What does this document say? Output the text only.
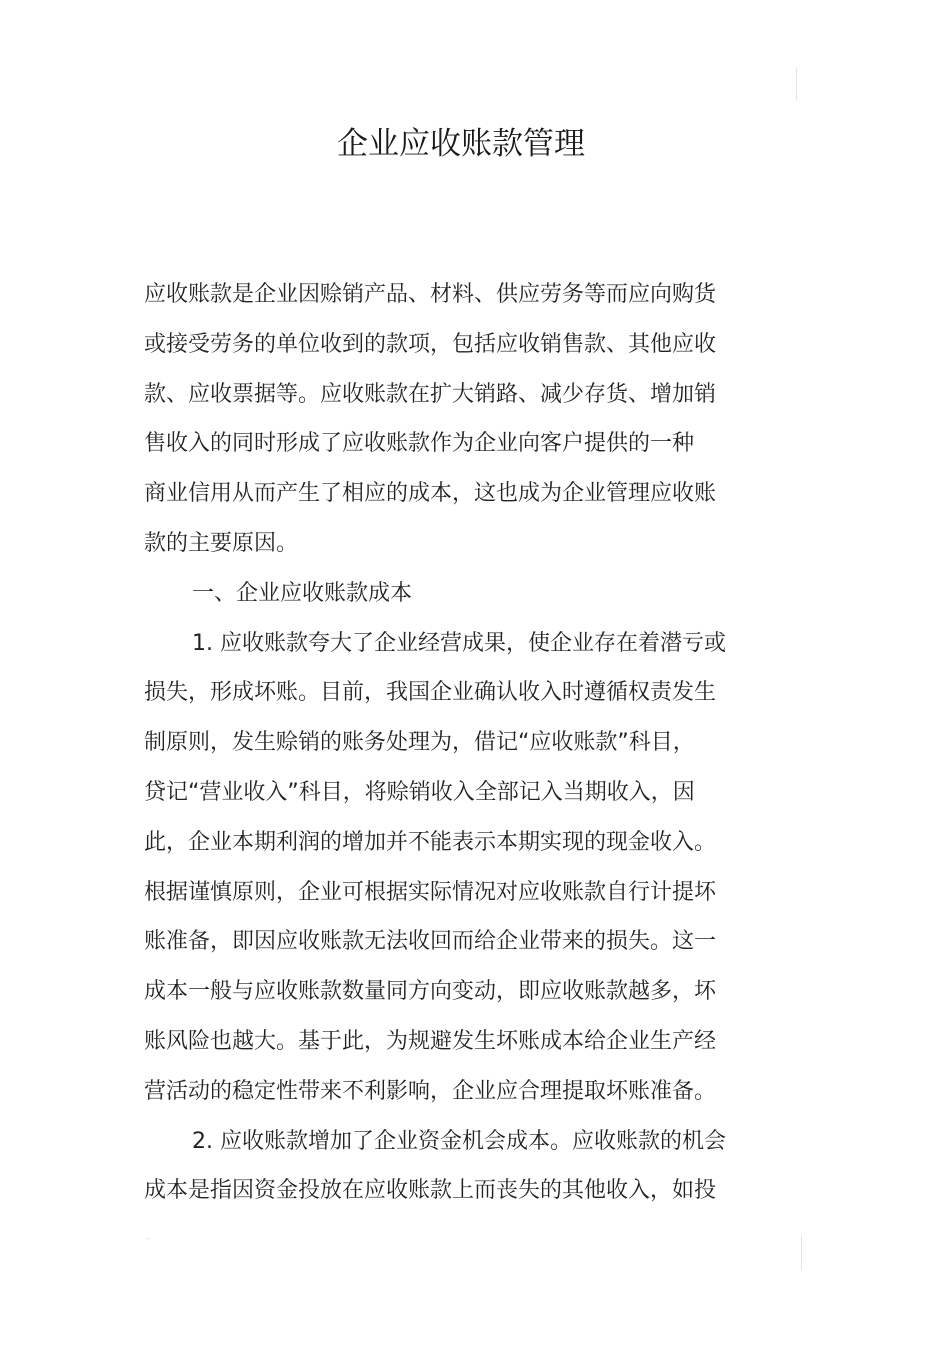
企业应收账款管理
应收账款是企业因赊销产品、材料、供应劳务等而应向购货
或接受劳务的单位收到的款项，包括应收销售款、其他应收
款、应收票据等。应收账款在扩大销路、减少存货、增加销
售收入的同时形成了应收账款作为企业向客户提供的一种
商业信用从而产生了相应的成本，这也成为企业管理应收账
款的主要原因。
一、企业应收账款成本
1. 应收账款夸大了企业经营成果，使企业存在着潜亏或
损失，形成坏账。目前，我国企业确认收入时遵循权责发生
制原则，发生赊销的账务处理为，借记“应收账款”科目，
贷记“营业收入”科目，将赊销收入全部记入当期收入，因
此，企业本期利润的增加并不能表示本期实现的现金收入。
根据谨慎原则，企业可根据实际情况对应收账款自行计提坏
账准备，即因应收账款无法收回而给企业带来的损失。这一
成本一般与应收账款数量同方向变动，即应收账款越多，坏
账风险也越大。基于此，为规避发生坏账成本给企业生产经
营活动的稳定性带来不利影响，企业应合理提取坏账准备。
2. 应收账款增加了企业资金机会成本。应收账款的机会
成本是指因资金投放在应收账款上而丧失的其他收入，如投
